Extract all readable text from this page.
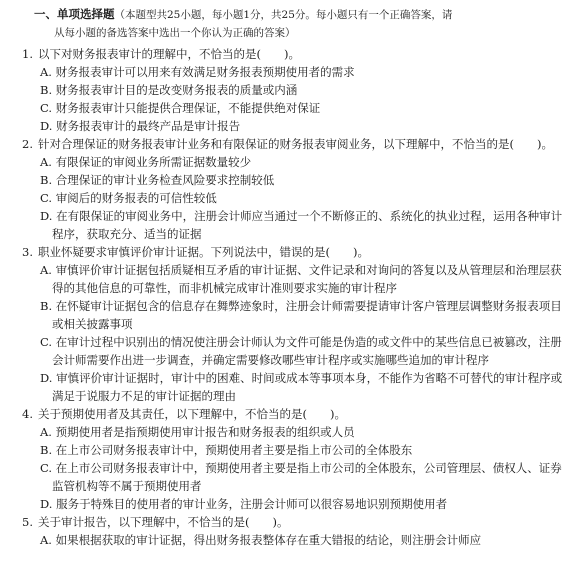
一、单项选择题（本题型共25小题，每小题1分，共25分。每小题只有一个正确答案，请
从每小题的备选答案中选出一个你认为正确的答案）
1. 以下对财务报表审计的理解中，不恰当的是(　　)。
A. 财务报表审计可以用来有效满足财务报表预期使用者的需求
B. 财务报表审计目的是改变财务报表的质量或内涵
C. 财务报表审计只能提供合理保证，不能提供绝对保证
D. 财务报表审计的最终产品是审计报告
2. 针对合理保证的财务报表审计业务和有限保证的财务报表审阅业务，以下理解中，不恰当的是(　　)。
A. 有限保证的审阅业务所需证据数量较少
B. 合理保证的审计业务检查风险要求控制较低
C. 审阅后的财务报表的可信性较低
D. 在有限保证的审阅业务中，注册会计师应当通过一个不断修正的、系统化的执业过程，运用各种审计程序，获取充分、适当的证据
3. 职业怀疑要求审慎评价审计证据。下列说法中，错误的是(　　)。
A. 审慎评价审计证据包括质疑相互矛盾的审计证据、文件记录和对询问的答复以及从管理层和治理层获得的其他信息的可靠性，而非机械完成审计准则要求实施的审计程序
B. 在怀疑审计证据包含的信息存在舞弊迹象时，注册会计师需要提请审计客户管理层调整财务报表项目或相关披露事项
C. 在审计过程中识别出的情况使注册会计师认为文件可能是伪造的或文件中的某些信息已被篡改，注册会计师需要作出进一步调查，并确定需要修改哪些审计程序或实施哪些追加的审计程序
D. 审慎评价审计证据时，审计中的困难、时间或成本等事项本身，不能作为省略不可替代的审计程序或满足于说服力不足的审计证据的理由
4. 关于预期使用者及其责任，以下理解中，不恰当的是(　　)。
A. 预期使用者是指预期使用审计报告和财务报表的组织或人员
B. 在上市公司财务报表审计中，预期使用者主要是指上市公司的全体股东
C. 在上市公司财务报表审计中，预期使用者主要是指上市公司的全体股东，公司管理层、债权人、证券监管机构等不属于预期使用者
D. 服务于特殊目的使用者的审计业务，注册会计师可以很容易地识别预期使用者
5. 关于审计报告，以下理解中，不恰当的是(　　)。
A. 如果根据获取的审计证据，得出财务报表整体存在重大错报的结论，则注册会计师应
